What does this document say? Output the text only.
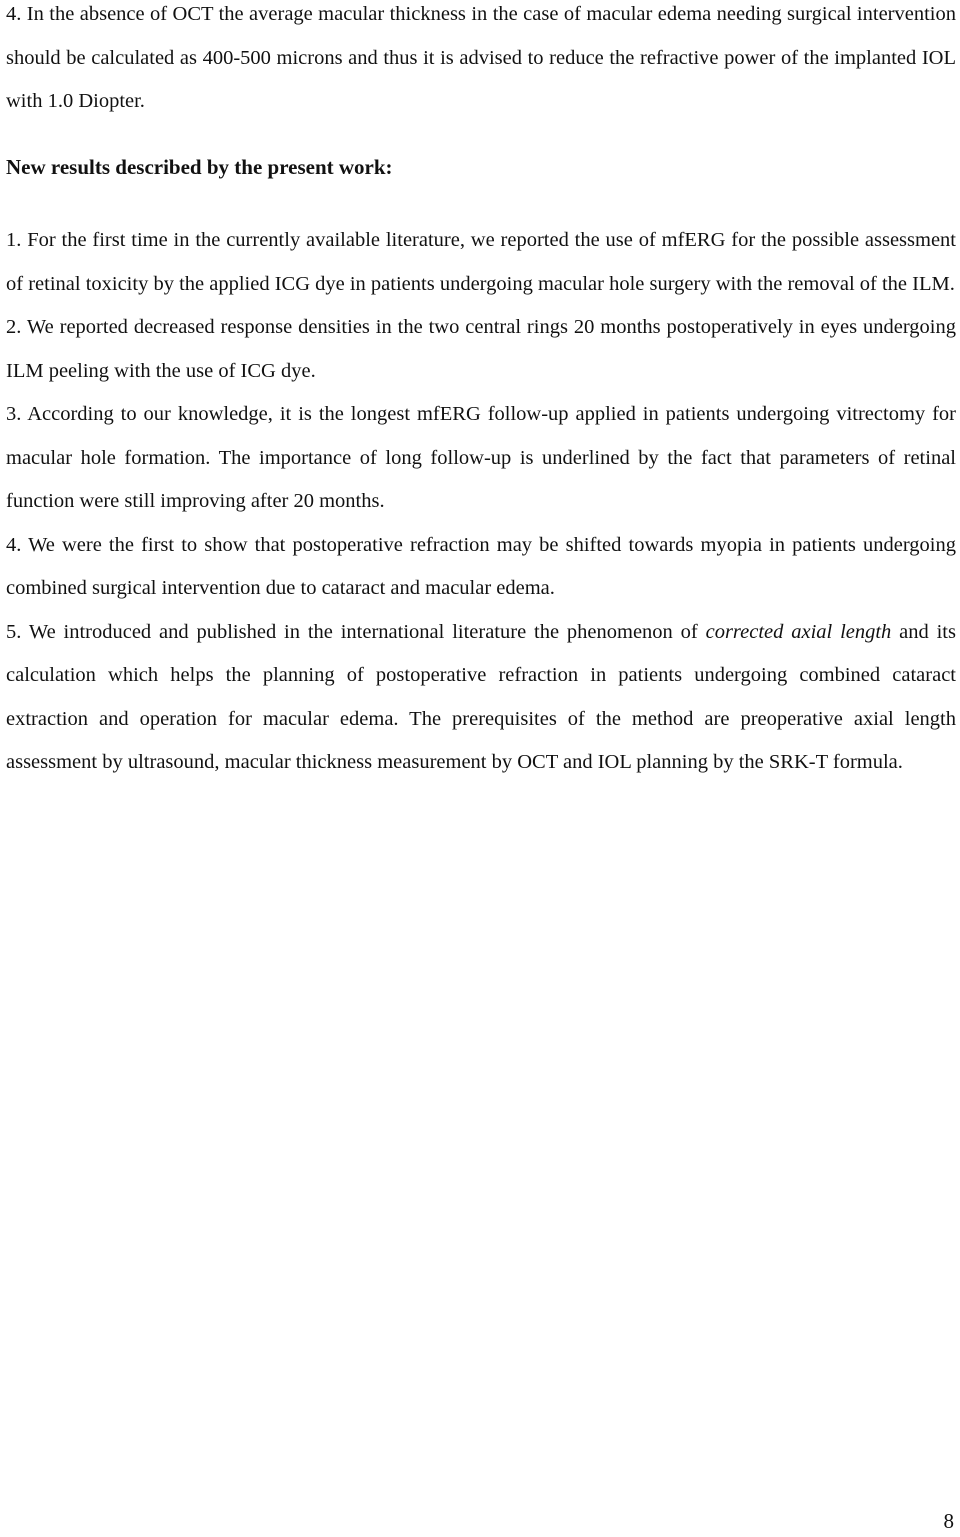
4. In the absence of OCT the average macular thickness in the case of macular edema needing surgical intervention should be calculated as 400-500 microns and thus it is advised to reduce the refractive power of the implanted IOL with 1.0 Diopter.

New results described by the present work:

1. For the first time in the currently available literature, we reported the use of mfERG for the possible assessment of retinal toxicity by the applied ICG dye in patients undergoing macular hole surgery with the removal of the ILM.

2. We reported decreased response densities in the two central rings 20 months postoperatively in eyes undergoing ILM peeling with the use of ICG dye.

3. According to our knowledge, it is the longest mfERG follow-up applied in patients undergoing vitrectomy for macular hole formation. The importance of long follow-up is underlined by the fact that parameters of retinal function were still improving after 20 months.

4. We were the first to show that postoperative refraction may be shifted towards myopia in patients undergoing combined surgical intervention due to cataract and macular edema.

5. We introduced and published in the international literature the phenomenon of corrected axial length and its calculation which helps the planning of postoperative refraction in patients undergoing combined cataract extraction and operation for macular edema. The prerequisites of the method are preoperative axial length assessment by ultrasound, macular thickness measurement by OCT and IOL planning by the SRK-T formula.

8
